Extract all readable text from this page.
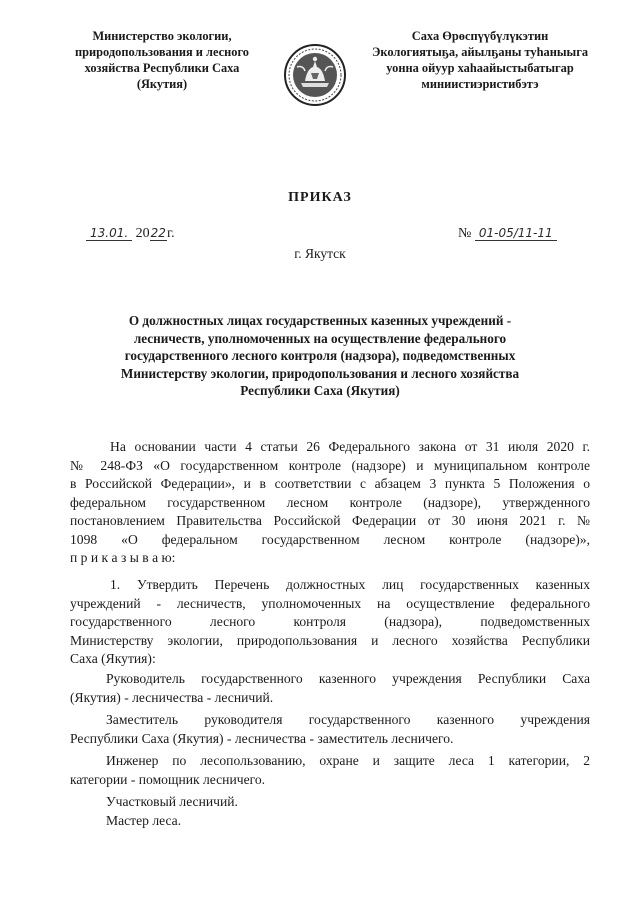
Министерство экологии,
природопользования и лесного
хозяйства Республики Саха
(Якутия)
Саха Өрөспүүбүлүкэтин
Экологиятыҕа, айылҕаны туһаныыга
уонна ойуур хаһаайыстыбатыгар
миниистиэристибэтэ
ПРИКАЗ
13.01. 2022г.	№ 01-05/11-11
г. Якутск
О должностных лицах государственных казенных учреждений -
лесничеств, уполномоченных на осуществление федерального
государственного лесного контроля (надзора), подведомственных
Министерству экологии, природопользования и лесного хозяйства
Республики Саха (Якутия)
На основании части 4 статьи 26 Федерального закона от 31 июля 2020 г.
№ 248-ФЗ «О государственном контроле (надзоре) и муниципальном контроле
в Российской Федерации», и в соответствии с абзацем 3 пункта 5 Положения о
федеральном государственном лесном контроле (надзоре), утвержденного
постановлением Правительства Российской Федерации от 30 июня 2021 г. №
1098 «О федеральном государственном лесном контроле (надзоре)»,
п р и к а з ы в а ю:
1. Утвердить Перечень должностных лиц государственных казенных
учреждений - лесничеств, уполномоченных на осуществление федерального
государственного лесного контроля (надзора), подведомственных
Министерству экологии, природопользования и лесного хозяйства Республики
Саха (Якутия):
Руководитель государственного казенного учреждения Республики Саха
(Якутия) - лесничества - лесничий.
Заместитель руководителя государственного казенного учреждения
Республики Саха (Якутия) - лесничества - заместитель лесничего.
Инженер по лесопользованию, охране и защите леса 1 категории, 2
категории - помощник лесничего.
Участковый лесничий.
Мастер леса.
